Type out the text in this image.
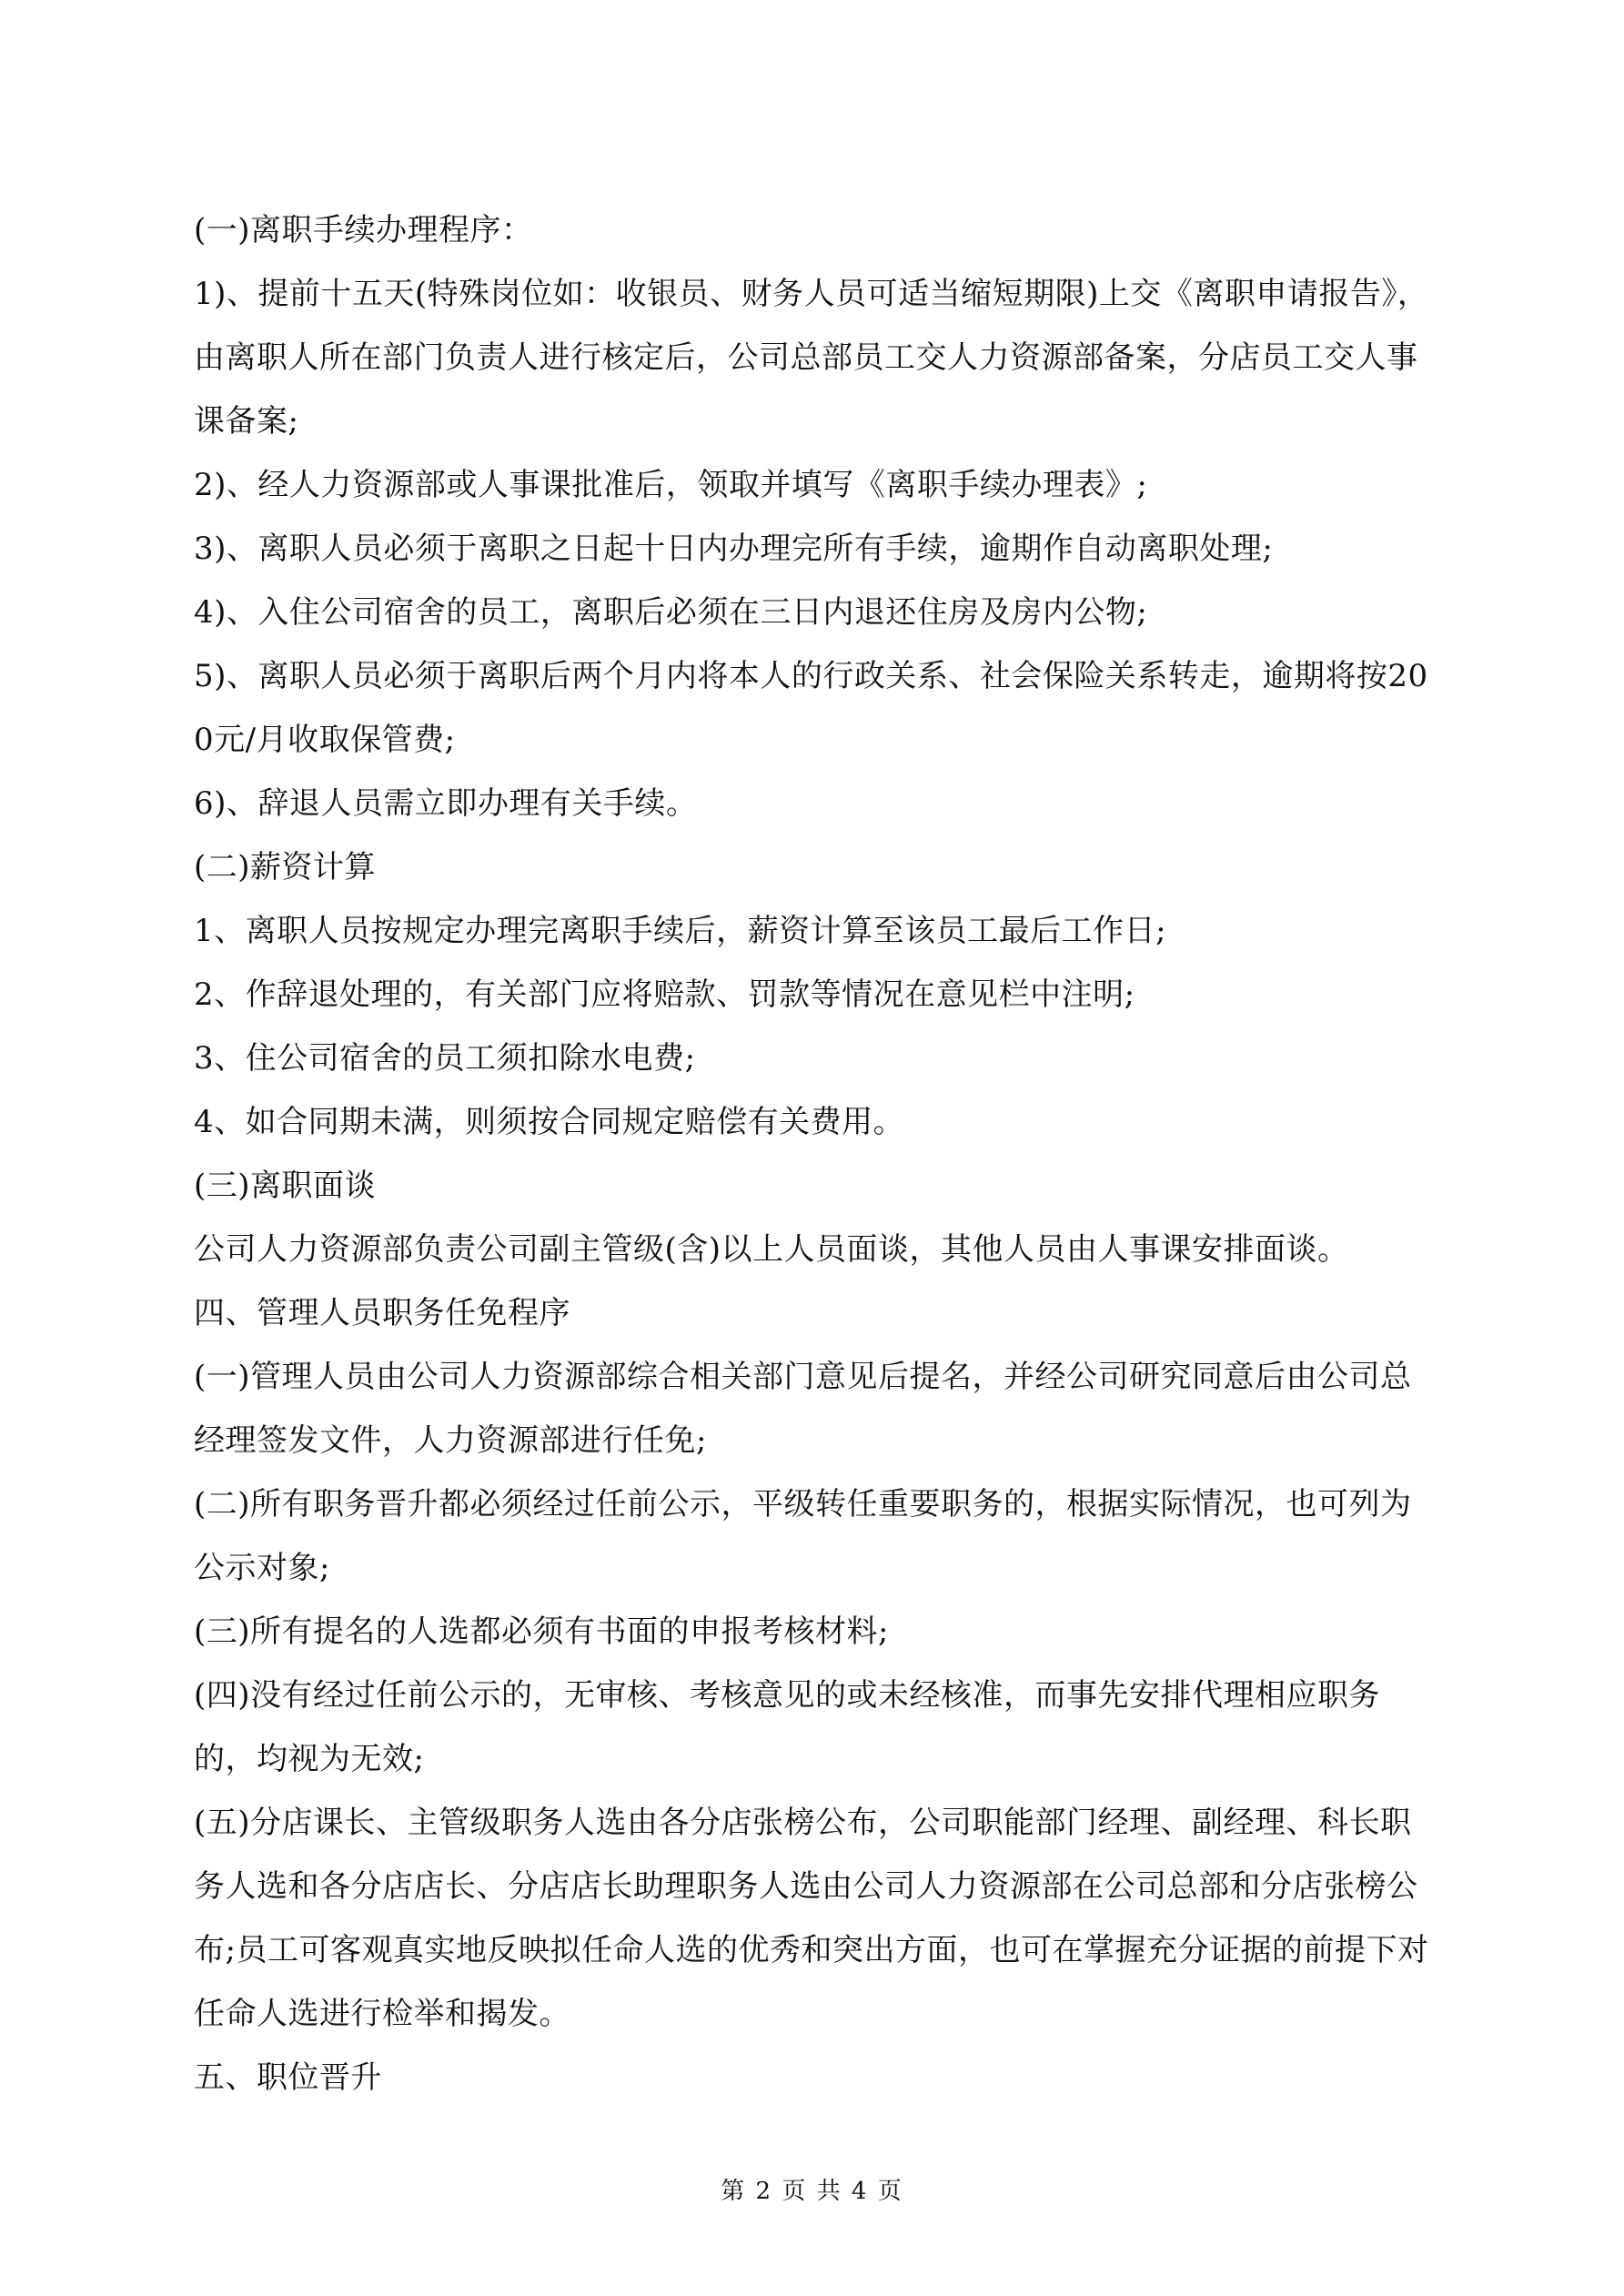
(一)离职手续办理程序：

1)、提前十五天(特殊岗位如：收银员、财务人员可适当缩短期限)上交《离职申请报告》，由离职人所在部门负责人进行核定后，公司总部员工交人力资源部备案，分店员工交人事课备案;

2)、经人力资源部或人事课批准后，领取并填写《离职手续办理表》;

3)、离职人员必须于离职之日起十日内办理完所有手续，逾期作自动离职处理;

4)、入住公司宿舍的员工，离职后必须在三日内退还住房及房内公物;

5)、离职人员必须于离职后两个月内将本人的行政关系、社会保险关系转走，逾期将按200元/月收取保管费;

6)、辞退人员需立即办理有关手续。

(二)薪资计算

1、离职人员按规定办理完离职手续后，薪资计算至该员工最后工作日;

2、作辞退处理的，有关部门应将赔款、罚款等情况在意见栏中注明;

3、住公司宿舍的员工须扣除水电费;

4、如合同期未满，则须按合同规定赔偿有关费用。

(三)离职面谈

公司人力资源部负责公司副主管级(含)以上人员面谈，其他人员由人事课安排面谈。

四、管理人员职务任免程序

(一)管理人员由公司人力资源部综合相关部门意见后提名，并经公司研究同意后由公司总经理签发文件，人力资源部进行任免;

(二)所有职务晋升都必须经过任前公示，平级转任重要职务的，根据实际情况，也可列为公示对象;

(三)所有提名的人选都必须有书面的申报考核材料;

(四)没有经过任前公示的，无审核、考核意见的或未经核准，而事先安排代理相应职务的，均视为无效;

(五)分店课长、主管级职务人选由各分店张榜公布，公司职能部门经理、副经理、科长职务人选和各分店店长、分店店长助理职务人选由公司人力资源部在公司总部和分店张榜公布;员工可客观真实地反映拟任命人选的优秀和突出方面，也可在掌握充分证据的前提下对任命人选进行检举和揭发。

五、职位晋升

第 2 页 共 4 页
